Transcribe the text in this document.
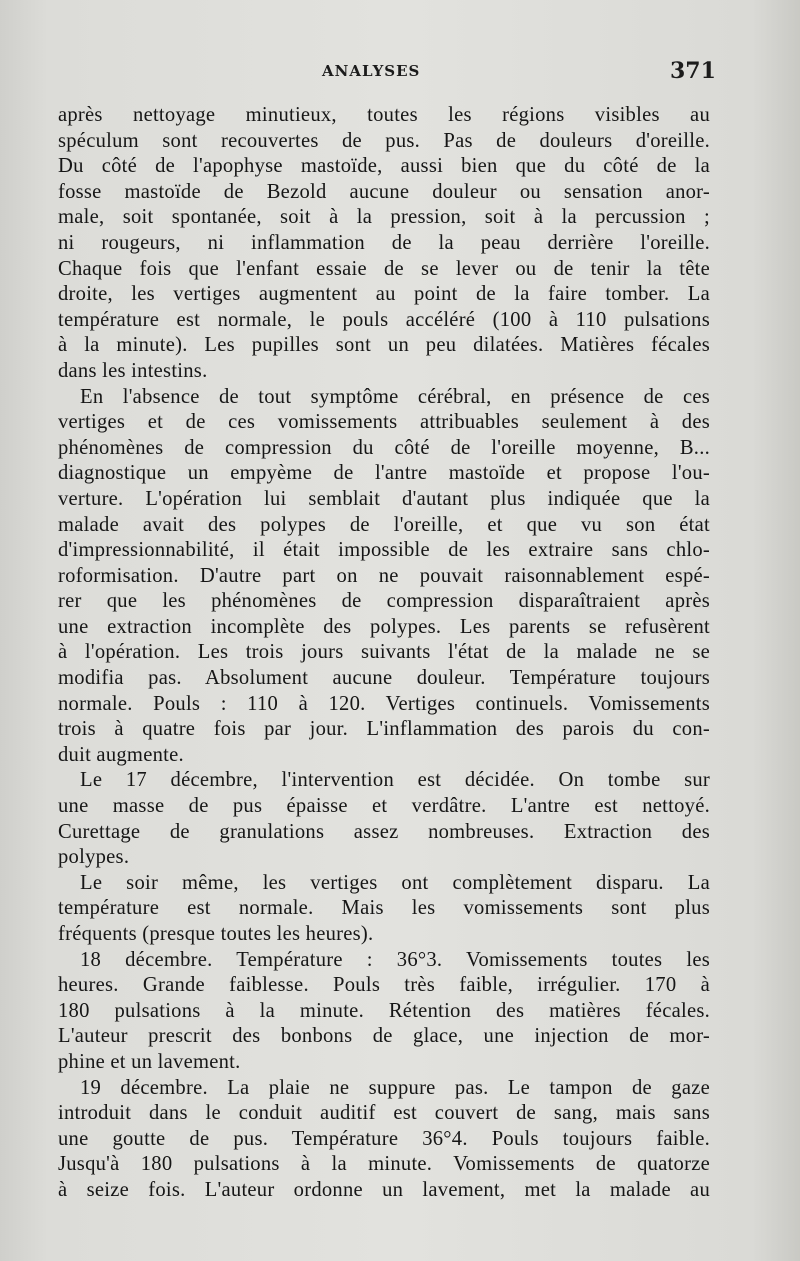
ANALYSES	371
après nettoyage minutieux, toutes les régions visibles au
spéculum sont recouvertes de pus. Pas de douleurs d'oreille.
Du côté de l'apophyse mastoïde, aussi bien que du côté de la
fosse mastoïde de Bezold aucune douleur ou sensation anor-
male, soit spontanée, soit à la pression, soit à la percussion ;
ni rougeurs, ni inflammation de la peau derrière l'oreille.
Chaque fois que l'enfant essaie de se lever ou de tenir la tête
droite, les vertiges augmentent au point de la faire tomber. La
température est normale, le pouls accéléré (100 à 110 pulsations
à la minute). Les pupilles sont un peu dilatées. Matières fécales
dans les intestins.
En l'absence de tout symptôme cérébral, en présence de ces
vertiges et de ces vomissements attribuables seulement à des
phénomènes de compression du côté de l'oreille moyenne, B...
diagnostique un empyème de l'antre mastoïde et propose l'ou-
verture. L'opération lui semblait d'autant plus indiquée que la
malade avait des polypes de l'oreille, et que vu son état
d'impressionnabilité, il était impossible de les extraire sans chlo-
roformisation. D'autre part on ne pouvait raisonnablement espé-
rer que les phénomènes de compression disparaîtraient après
une extraction incomplète des polypes. Les parents se refusèrent
à l'opération. Les trois jours suivants l'état de la malade ne se
modifia pas. Absolument aucune douleur. Température toujours
normale. Pouls : 110 à 120. Vertiges continuels. Vomissements
trois à quatre fois par jour. L'inflammation des parois du con-
duit augmente.
Le 17 décembre, l'intervention est décidée. On tombe sur
une masse de pus épaisse et verdâtre. L'antre est nettoyé.
Curettage de granulations assez nombreuses. Extraction des
polypes.
Le soir même, les vertiges ont complètement disparu. La
température est normale. Mais les vomissements sont plus
fréquents (presque toutes les heures).
18 décembre. Température : 36°3. Vomissements toutes les
heures. Grande faiblesse. Pouls très faible, irrégulier. 170 à
180 pulsations à la minute. Rétention des matières fécales.
L'auteur prescrit des bonbons de glace, une injection de mor-
phine et un lavement.
19 décembre. La plaie ne suppure pas. Le tampon de gaze
introduit dans le conduit auditif est couvert de sang, mais sans
une goutte de pus. Température 36°4. Pouls toujours faible.
Jusqu'à 180 pulsations à la minute. Vomissements de quatorze
à seize fois. L'auteur ordonne un lavement, met la malade au
